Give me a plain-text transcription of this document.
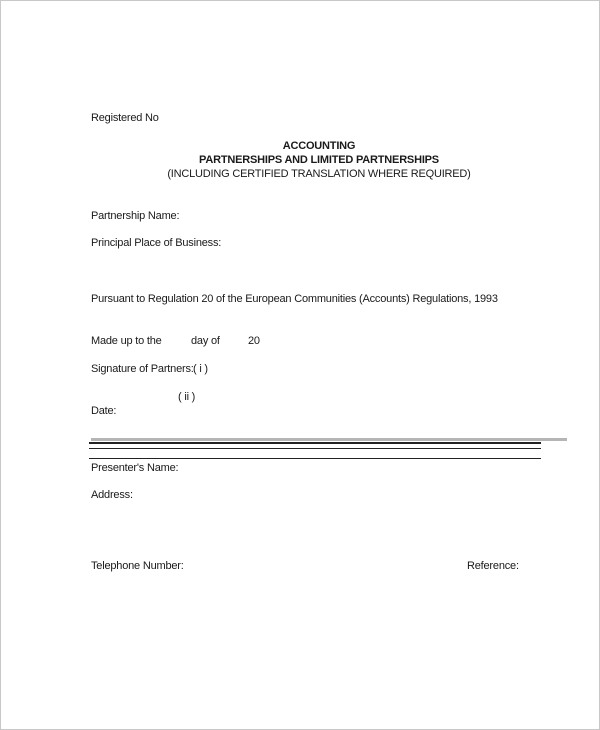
Registered No
ACCOUNTING
PARTNERSHIPS AND LIMITED PARTNERSHIPS
(INCLUDING CERTIFIED TRANSLATION WHERE REQUIRED)
Partnership Name:
Principal Place of Business:
Pursuant to Regulation 20 of the European Communities (Accounts) Regulations, 1993
Made up to the	day of	20
Signature of Partners: ( i )
( ii )
Date:
Presenter's Name:
Address:
Telephone Number:	Reference:
